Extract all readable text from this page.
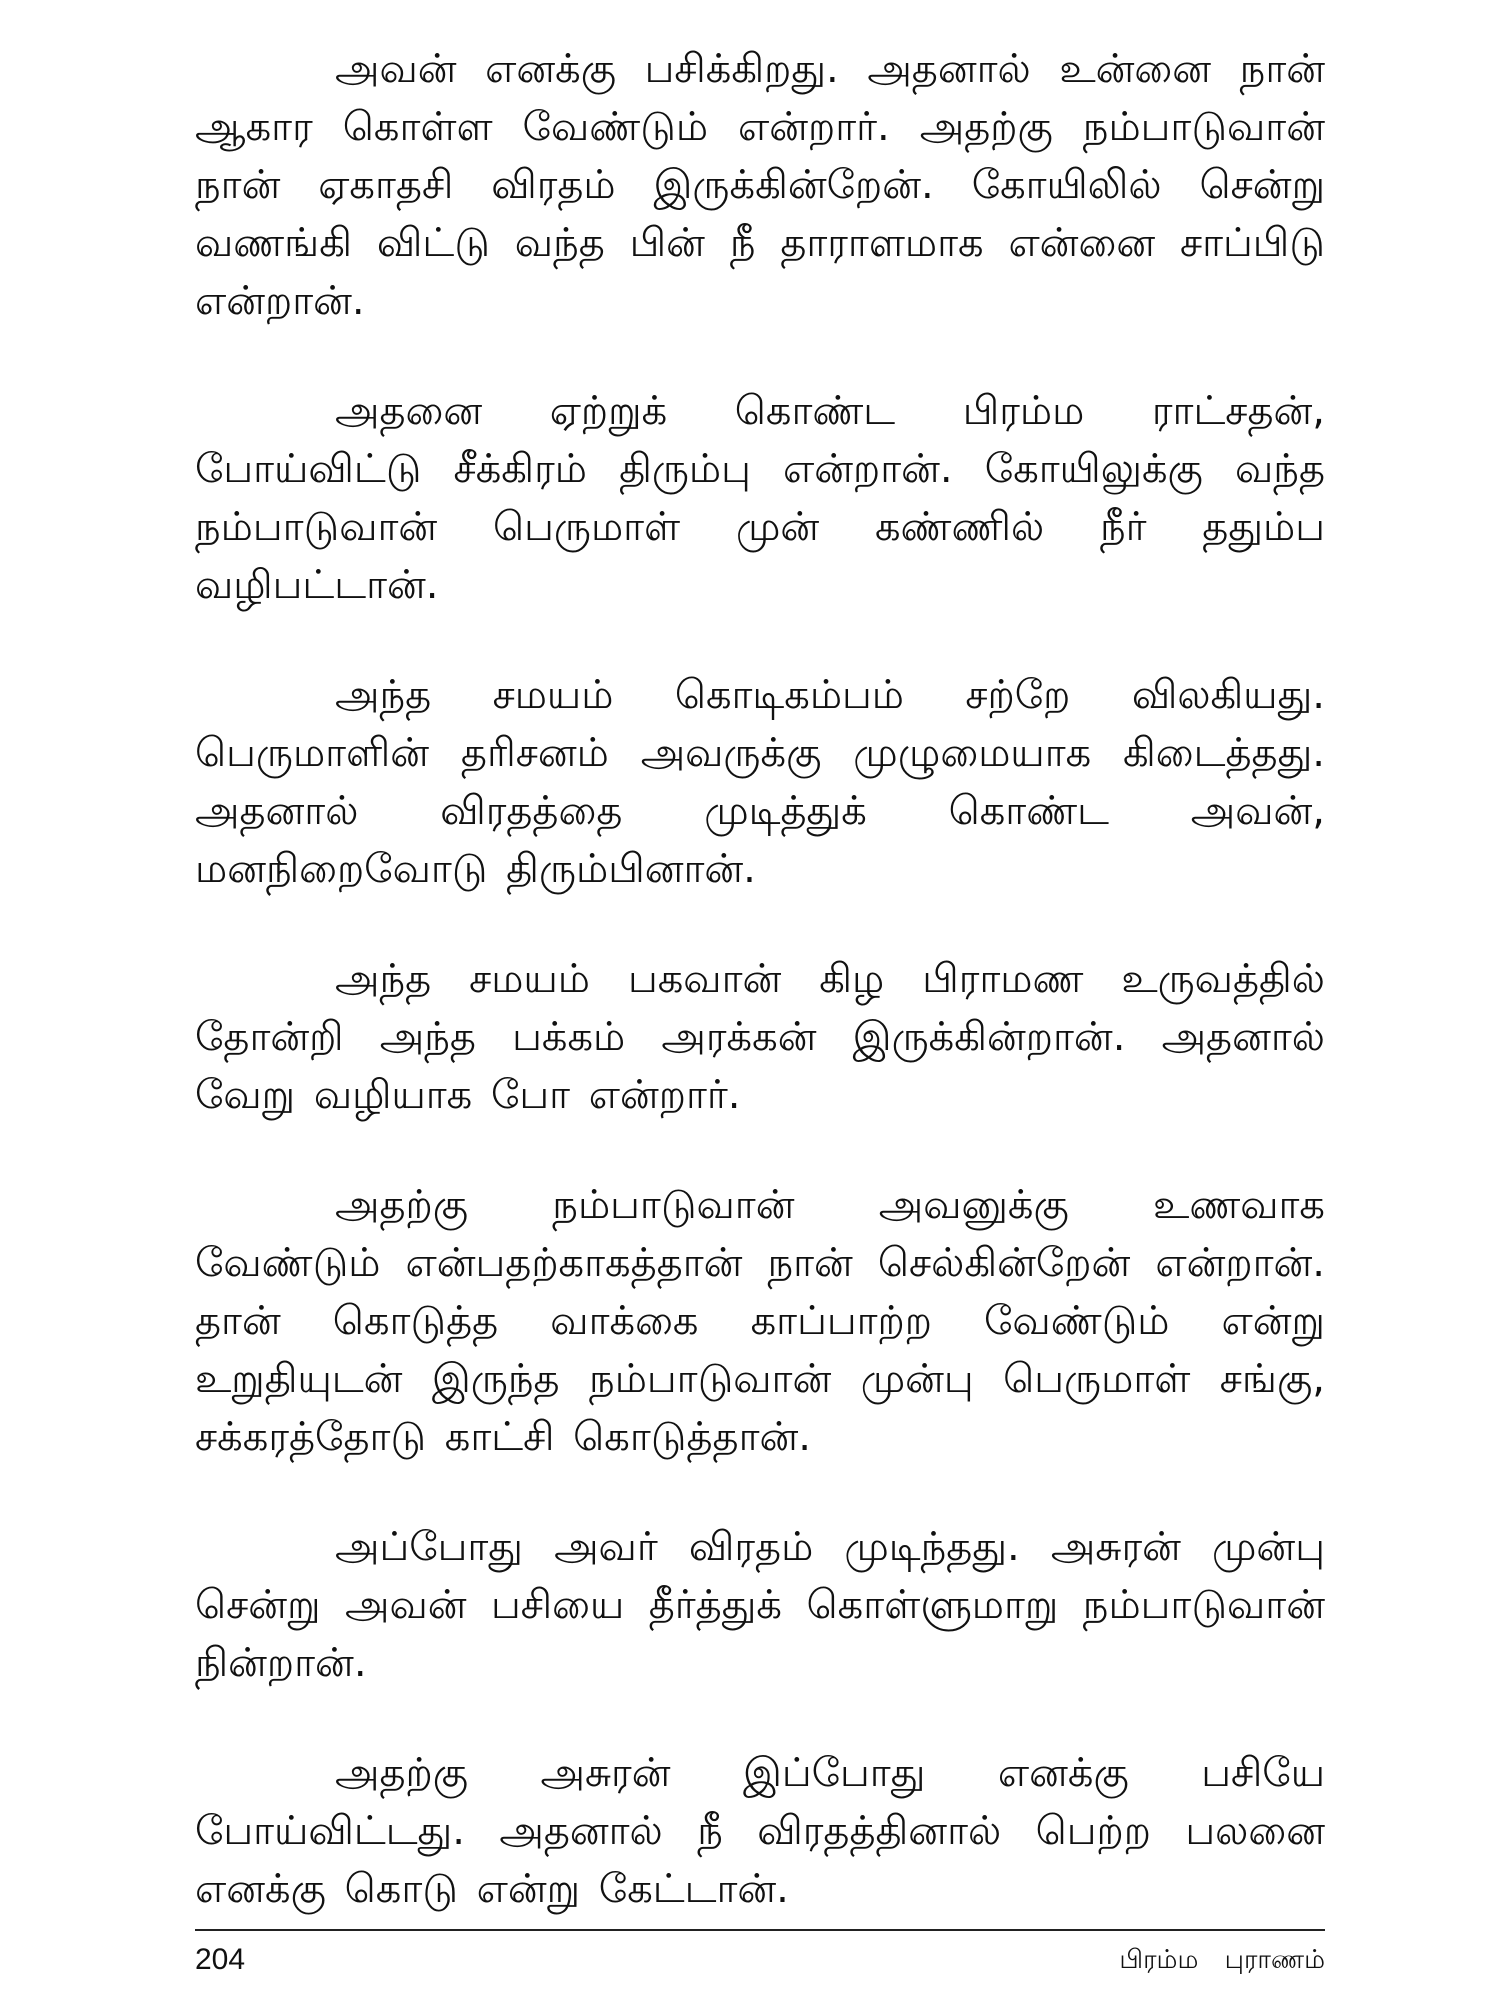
அவன் எனக்கு பசிக்கிறது. அதனால் உன்னை நான் ஆகார கொள்ள வேண்டும் என்றார். அதற்கு நம்பாடுவான் நான் ஏகாதசி விரதம் இருக்கின்றேன். கோயிலில் சென்று வணங்கி விட்டு வந்த பின் நீ தாராளமாக என்னை சாப்பிடு என்றான்.

அதனை ஏற்றுக் கொண்ட பிரம்ம ராட்சதன், போய்விட்டு சீக்கிரம் திரும்பு என்றான். கோயிலுக்கு வந்த நம்பாடுவான் பெருமாள் முன் கண்ணில் நீர் ததும்ப வழிபட்டான்.

அந்த சமயம் கொடிகம்பம் சற்றே விலகியது. பெருமாளின் தரிசனம் அவருக்கு முழுமையாக கிடைத்தது. அதனால் விரதத்தை முடித்துக் கொண்ட அவன், மனநிறைவோடு திரும்பினான்.

அந்த சமயம் பகவான் கிழ பிராமண உருவத்தில் தோன்றி அந்த பக்கம் அரக்கன் இருக்கின்றான். அதனால் வேறு வழியாக போ என்றார்.

அதற்கு நம்பாடுவான் அவனுக்கு உணவாக வேண்டும் என்பதற்காகத்தான் நான் செல்கின்றேன் என்றான். தான் கொடுத்த வாக்கை காப்பாற்ற வேண்டும் என்று உறுதியுடன் இருந்த நம்பாடுவான் முன்பு பெருமாள் சங்கு, சக்கரத்தோடு காட்சி கொடுத்தான்.

அப்போது அவர் விரதம் முடிந்தது. அசுரன் முன்பு சென்று அவன் பசியை தீர்த்துக் கொள்ளுமாறு நம்பாடுவான் நின்றான்.

அதற்கு அசுரன் இப்போது எனக்கு பசியே போய்விட்டது. அதனால் நீ விரதத்தினால் பெற்ற பலனை எனக்கு கொடு என்று கேட்டான்.

204	பிரம்ம புராணம்
